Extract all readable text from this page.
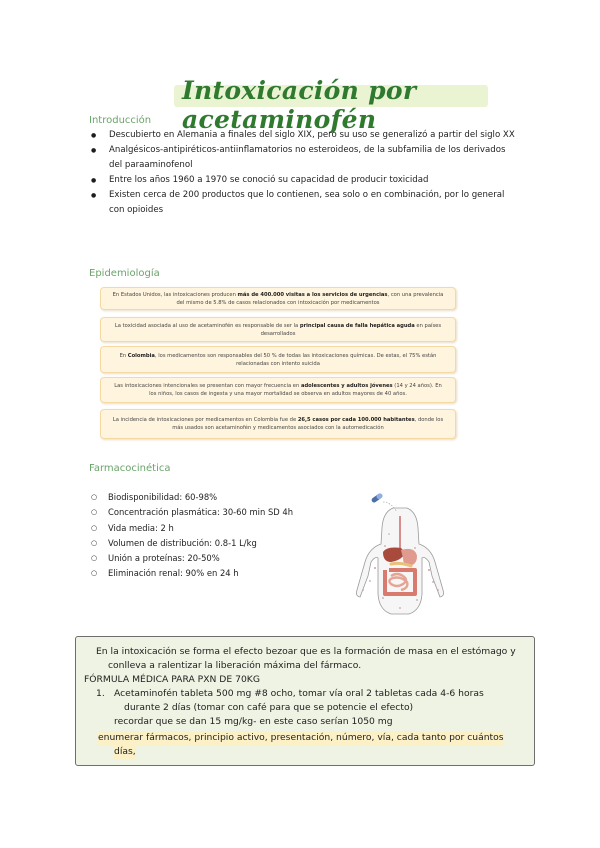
Intoxicación por acetaminofén
Introducción
● Descubierto en Alemania a finales del siglo XIX, pero su uso se generalizó a partir del siglo XX
● Analgésicos-antipiréticos-antiinflamatorios no esteroideos, de la subfamilia de los derivados del paraaminofenol
● Entre los años 1960 a 1970 se conoció su capacidad de producir toxicidad
● Existen cerca de 200 productos que lo contienen, sea solo o en combinación, por lo general con opioides
Epidemiología
En Estados Unidos, las intoxicaciones producen más de 400.000 visitas a los servicios de urgencias, con una prevalencia del mismo de 5.8% de casos relacionados con intoxicación por medicamentos
La toxicidad asociada al uso de acetaminofén es responsable de ser la principal causa de falla hepática aguda en países desarrollados
En Colombia, los medicamentos son responsables del 50 % de todas las intoxicaciones químicas. De estas, el 75% están relacionadas con intento suicida
Las intoxicaciones intencionales se presentan con mayor frecuencia en adolescentes y adultos jóvenes (14 y 24 años). En los niños, los casos de ingesta y una mayor mortalidad se observa en adultos mayores de 40 años.
La incidencia de intoxicaciones por medicamentos en Colombia fue de 26,5 casos por cada 100.000 habitantes, donde los más usados son acetaminofén y medicamentos asociados con la automedicación
Farmacocinética
○ Biodisponibilidad: 60-98%
○ Concentración plasmática: 30-60 min SD 4h
○ Vida media: 2 h
○ Volumen de distribución: 0.8-1 L/kg
○ Unión a proteínas: 20-50%
○ Eliminación renal: 90% en 24 h
En la intoxicación se forma el efecto bezoar que es la formación de masa en el estómago y
conlleva a ralentizar la liberación máxima del fármaco.
FÓRMULA MÉDICA PARA PXN DE 70KG
1. Acetaminofén tableta 500 mg #8 ocho, tomar vía oral 2 tabletas cada 4-6 horas
durante 2 días (tomar con café para que se potencie el efecto)
recordar que se dan 15 mg/kg- en este caso serían 1050 mg
enumerar fármacos, principio activo, presentación, número, vía, cada tanto por cuántos
días,
